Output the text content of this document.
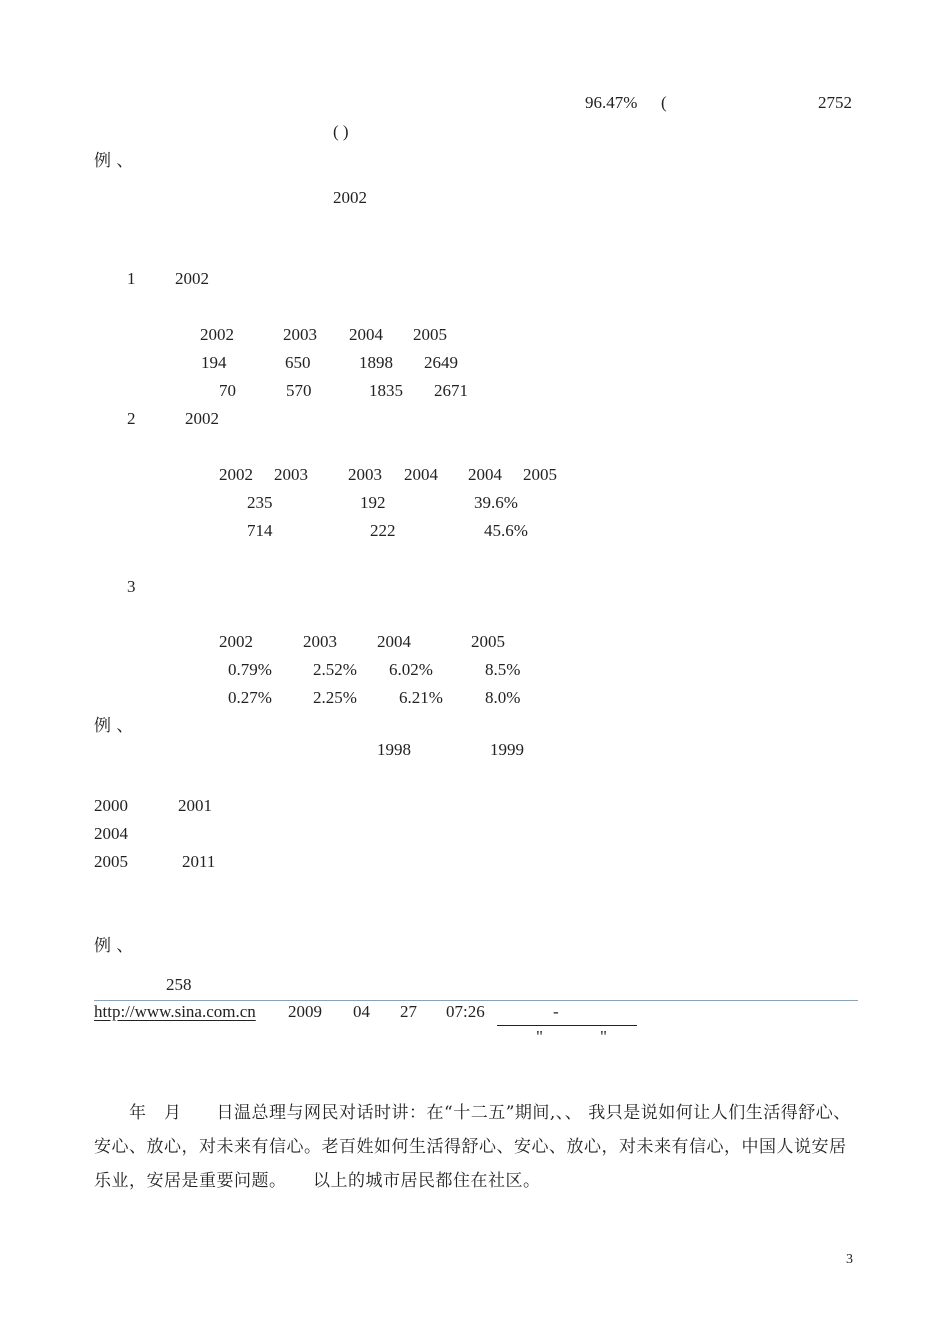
96.47% (	2752
( )
例 、
2002
1 2002
2002	2003 2004 2005
194	650	1898 2649
70	570	1835 2671
2	2002
2002 2003 2003 2004 2004 2005
235	192	39.6%
714	222	45.6%
3
2002	2003 2004	2005
0.79% 2.52% 6.02%	8.5%
0.27% 2.25% 6.21% 8.0%
例 、
1998	1999
2000	2001
2004
2005	2011
例 、
258
http://www.sina.com.cn 2009 04 27 07:26	-
"	"
　　年　月　　日温总理与网民对话时讲：在“十二五”期间,、、 我只是说如何让人们生活得舒心、安心、放心，对未来有信心。老百姓如何生活得舒心、安心、放心，对未来有信心，中国人说安居乐业，安居是重要问题。　　以上的城市居民都住在社区。
3
